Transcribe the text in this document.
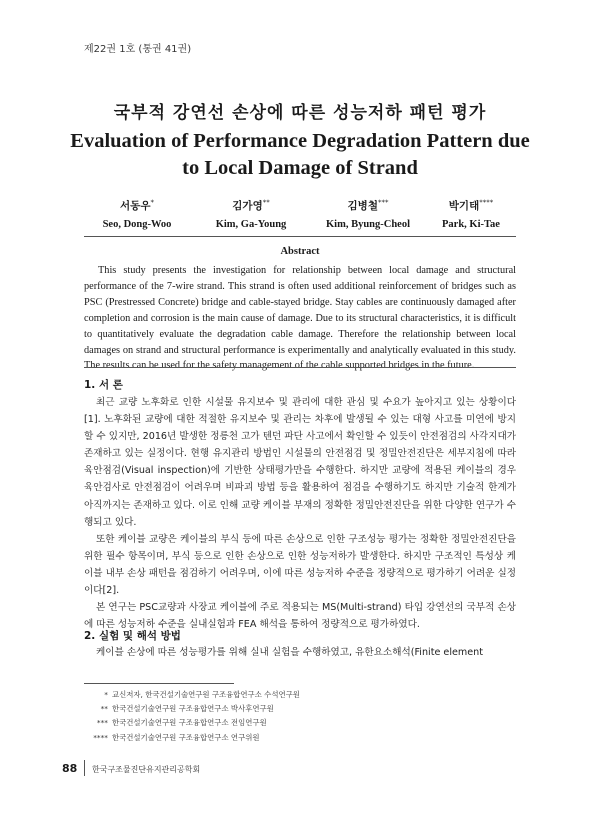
제22권 1호 (통권 41권)
국부적 강연선 손상에 따른 성능저하 패턴 평가
Evaluation of Performance Degradation Pattern due to Local Damage of Strand
서동우*
Seo, Dong-Woo
김가영**
Kim, Ga-Young
김병철***
Kim, Byung-Cheol
박기태****
Park, Ki-Tae
Abstract

This study presents the investigation for relationship between local damage and structural performance of the 7-wire strand. This strand is often used additional reinforcement of bridges such as PSC (Prestressed Concrete) bridge and cable-stayed bridge. Stay cables are continuously damaged after completion and corrosion is the main cause of damage. Due to its structural characteristics, it is difficult to quantitatively evaluate the degradation cable damage. Therefore the relationship between local damages on strand and structural performance is experimentally and analytically evaluated in this study. The results can be used for the safety management of the cable supported bridges in the future.

1. 서 론

최근 교량 노후화로 인한 시설물 유지보수 및 관리에 대한 관심 및 수요가 높아지고 있는 상황이다[1]. 노후화된 교량에 대한 적절한 유지보수 및 관리는 차후에 발생될 수 있는 대형 사고를 미연에 방지할 수 있지만, 2016년 발생한 정릉천 고가 텐던 파단 사고에서 확인할 수 있듯이 안전점검의 사각지대가 존재하고 있는 실정이다. 현행 유지관리 방법인 시설물의 안전점검 및 정밀안전진단은 세부지침에 따라 육안점검(Visual inspection)에 기반한 상태평가만을 수행한다. 하지만 교량에 적용된 케이블의 경우 육안검사로 안전점검이 어려우며 비파괴 방법 등을 활용하여 점검을 수행하기도 하지만 기술적 한계가 아직까지는 존재하고 있다. 이로 인해 교량 케이블 부재의 정확한 정밀안전진단을 위한 다양한 연구가 수행되고 있다.

또한 케이블 교량은 케이블의 부식 등에 따른 손상으로 인한 구조성능 평가는 정확한 정밀안전진단을 위한 필수 항목이며, 부식 등으로 인한 손상으로 인한 성능저하가 발생한다. 하지만 구조적인 특성상 케이블 내부 손상 패턴을 점검하기 어려우며, 이에 따른 성능저하 수준을 정량적으로 평가하기 어려운 실정이다[2].

본 연구는 PSC교량과 사장교 케이블에 주로 적용되는 MS(Multi-strand) 타입 강연선의 국부적 손상에 따른 성능저하 수준을 실내실험과 FEA 해석을 통하여 정량적으로 평가하였다.

2. 실험 및 해석 방법

케이블 손상에 따른 성능평가를 위해 실내 실험을 수행하였고, 유한요소해석(Finite element

* 교신저자, 한국건설기술연구원 구조융합연구소 수석연구원
** 한국건설기술연구원 구조융합연구소 박사후연구원
*** 한국건설기술연구원 구조융합연구소 전임연구원
**** 한국건설기술연구원 구조융합연구소 연구위원
88 한국구조물진단유지관리공학회
